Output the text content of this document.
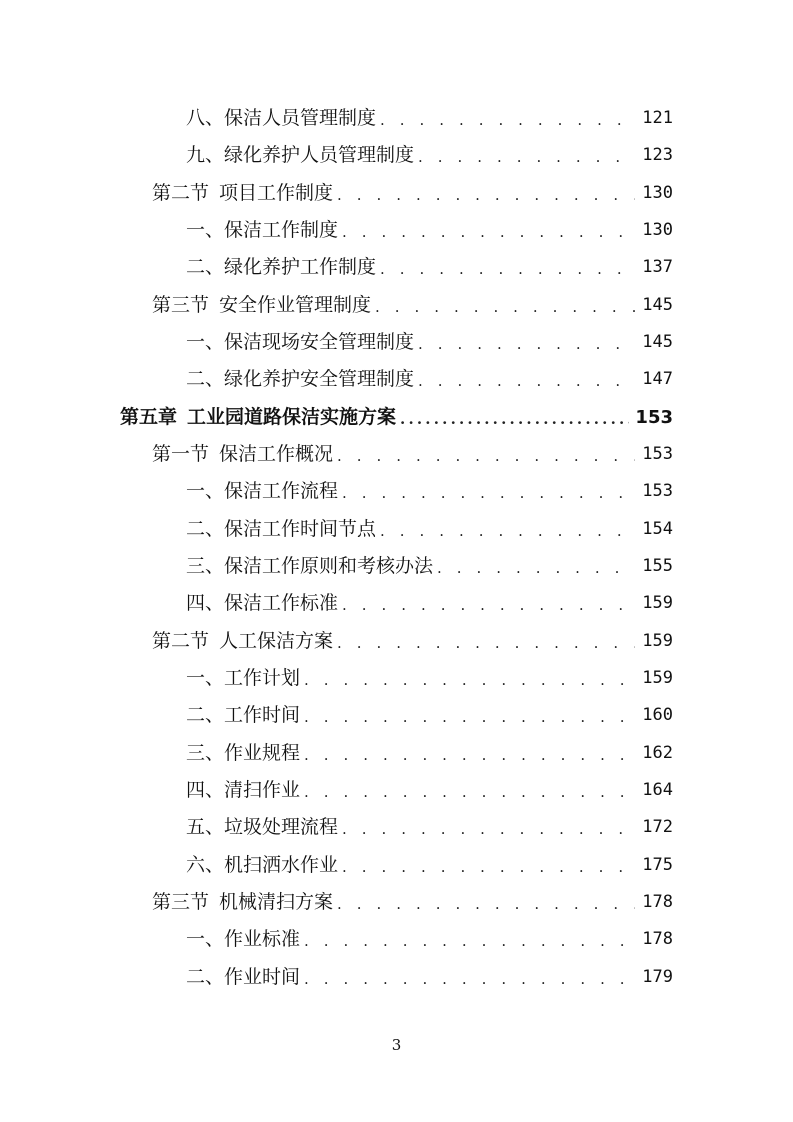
八、保洁人员管理制度 . . .	121
九、绿化养护人员管理制度 . . .	123
第二节 项目工作制度 . . .	130
一、保洁工作制度 . . .	130
二、绿化养护工作制度 . . .	137
第三节 安全作业管理制度 . . .	145
一、保洁现场安全管理制度 . . .	145
二、绿化养护安全管理制度 . . .	147
第五章 工业园道路保洁实施方案 .....	153
第一节 保洁工作概况 . . .	153
一、保洁工作流程 . . .	153
二、保洁工作时间节点 . . .	154
三、保洁工作原则和考核办法 . . .	155
四、保洁工作标准 . . .	159
第二节 人工保洁方案 . . .	159
一、工作计划 . . .	159
二、工作时间 . . .	160
三、作业规程 . . .	162
四、清扫作业 . . .	164
五、垃圾处理流程 . . .	172
六、机扫洒水作业 . . .	175
第三节 机械清扫方案 . . .	178
一、作业标准 . . .	178
二、作业时间 . . .	179
3
